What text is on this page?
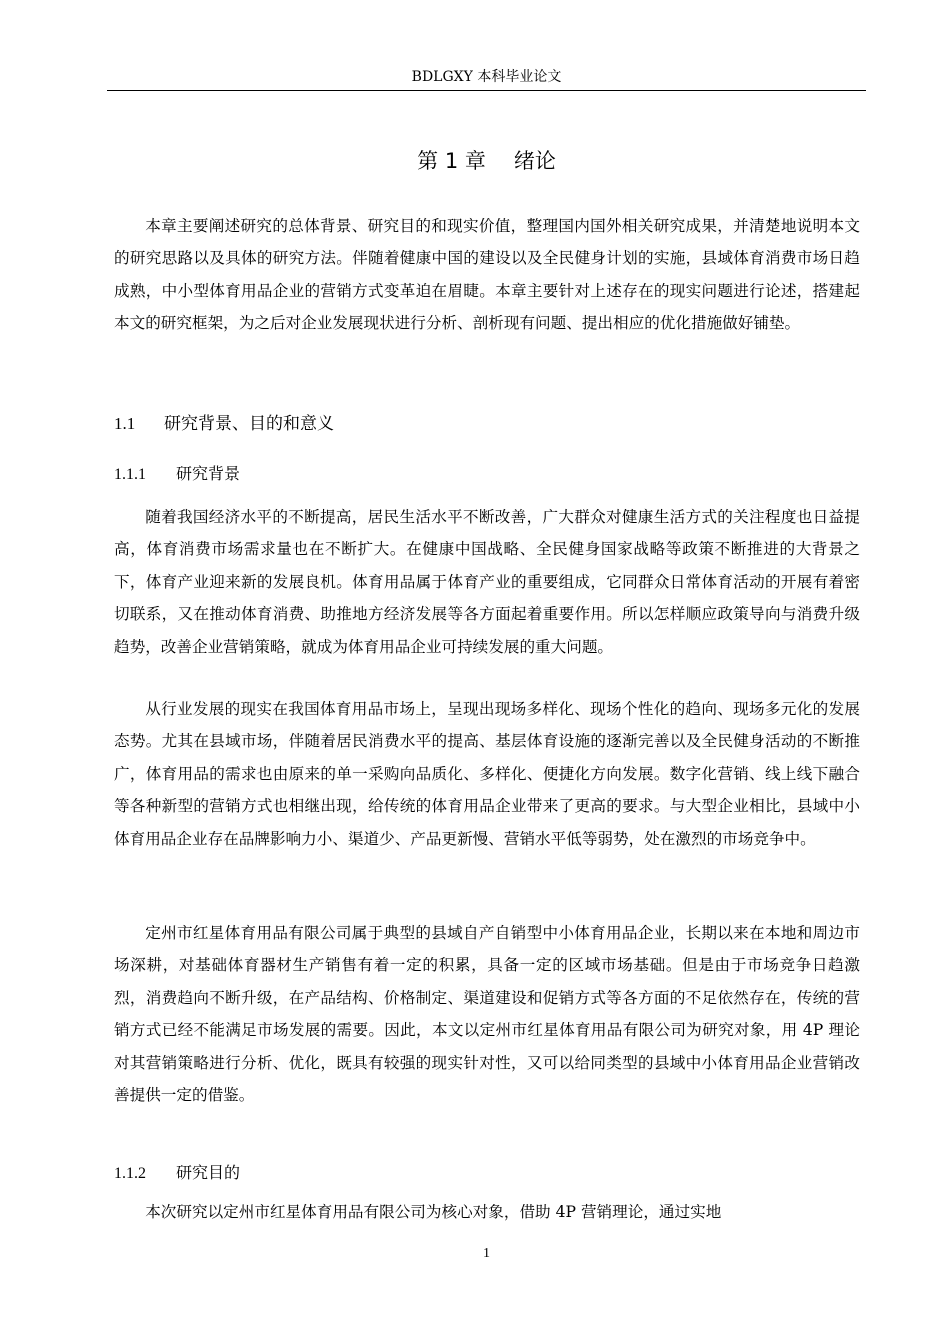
BDLGXY 本科毕业论文
第 1 章 绪论

本章主要阐述研究的总体背景、研究目的和现实价值，整理国内国外相关研究成果，并清楚地说明本文的研究思路以及具体的研究方法。伴随着健康中国的建设以及全民健身计划的实施，县域体育消费市场日趋成熟，中小型体育用品企业的营销方式变革迫在眉睫。本章主要针对上述存在的现实问题进行论述，搭建起本文的研究框架，为之后对企业发展现状进行分析、剖析现有问题、提出相应的优化措施做好铺垫。

1.1 研究背景、目的和意义
1.1.1 研究背景

随着我国经济水平的不断提高，居民生活水平不断改善，广大群众对健康生活方式的关注程度也日益提高，体育消费市场需求量也在不断扩大。在健康中国战略、全民健身国家战略等政策不断推进的大背景之下，体育产业迎来新的发展良机。体育用品属于体育产业的重要组成，它同群众日常体育活动的开展有着密切联系，又在推动体育消费、助推地方经济发展等各方面起着重要作用。所以怎样顺应政策导向与消费升级趋势，改善企业营销策略，就成为体育用品企业可持续发展的重大问题。

从行业发展的现实在我国体育用品市场上，呈现出现场多样化、现场个性化的趋向、现场多元化的发展态势。尤其在县域市场，伴随着居民消费水平的提高、基层体育设施的逐渐完善以及全民健身活动的不断推广，体育用品的需求也由原来的单一采购向品质化、多样化、便捷化方向发展。数字化营销、线上线下融合等各种新型的营销方式也相继出现，给传统的体育用品企业带来了更高的要求。与大型企业相比，县域中小体育用品企业存在品牌影响力小、渠道少、产品更新慢、营销水平低等弱势，处在激烈的市场竞争中。

定州市红星体育用品有限公司属于典型的县域自产自销型中小体育用品企业，长期以来在本地和周边市场深耕，对基础体育器材生产销售有着一定的积累，具备一定的区域市场基础。但是由于市场竞争日趋激烈，消费趋向不断升级，在产品结构、价格制定、渠道建设和促销方式等各方面的不足依然存在，传统的营销方式已经不能满足市场发展的需要。因此，本文以定州市红星体育用品有限公司为研究对象，用 4P 理论对其营销策略进行分析、优化，既具有较强的现实针对性，又可以给同类型的县域中小体育用品企业营销改善提供一定的借鉴。

1.1.2 研究目的

本次研究以定州市红星体育用品有限公司为核心对象，借助 4P 营销理论，通过实地

1
